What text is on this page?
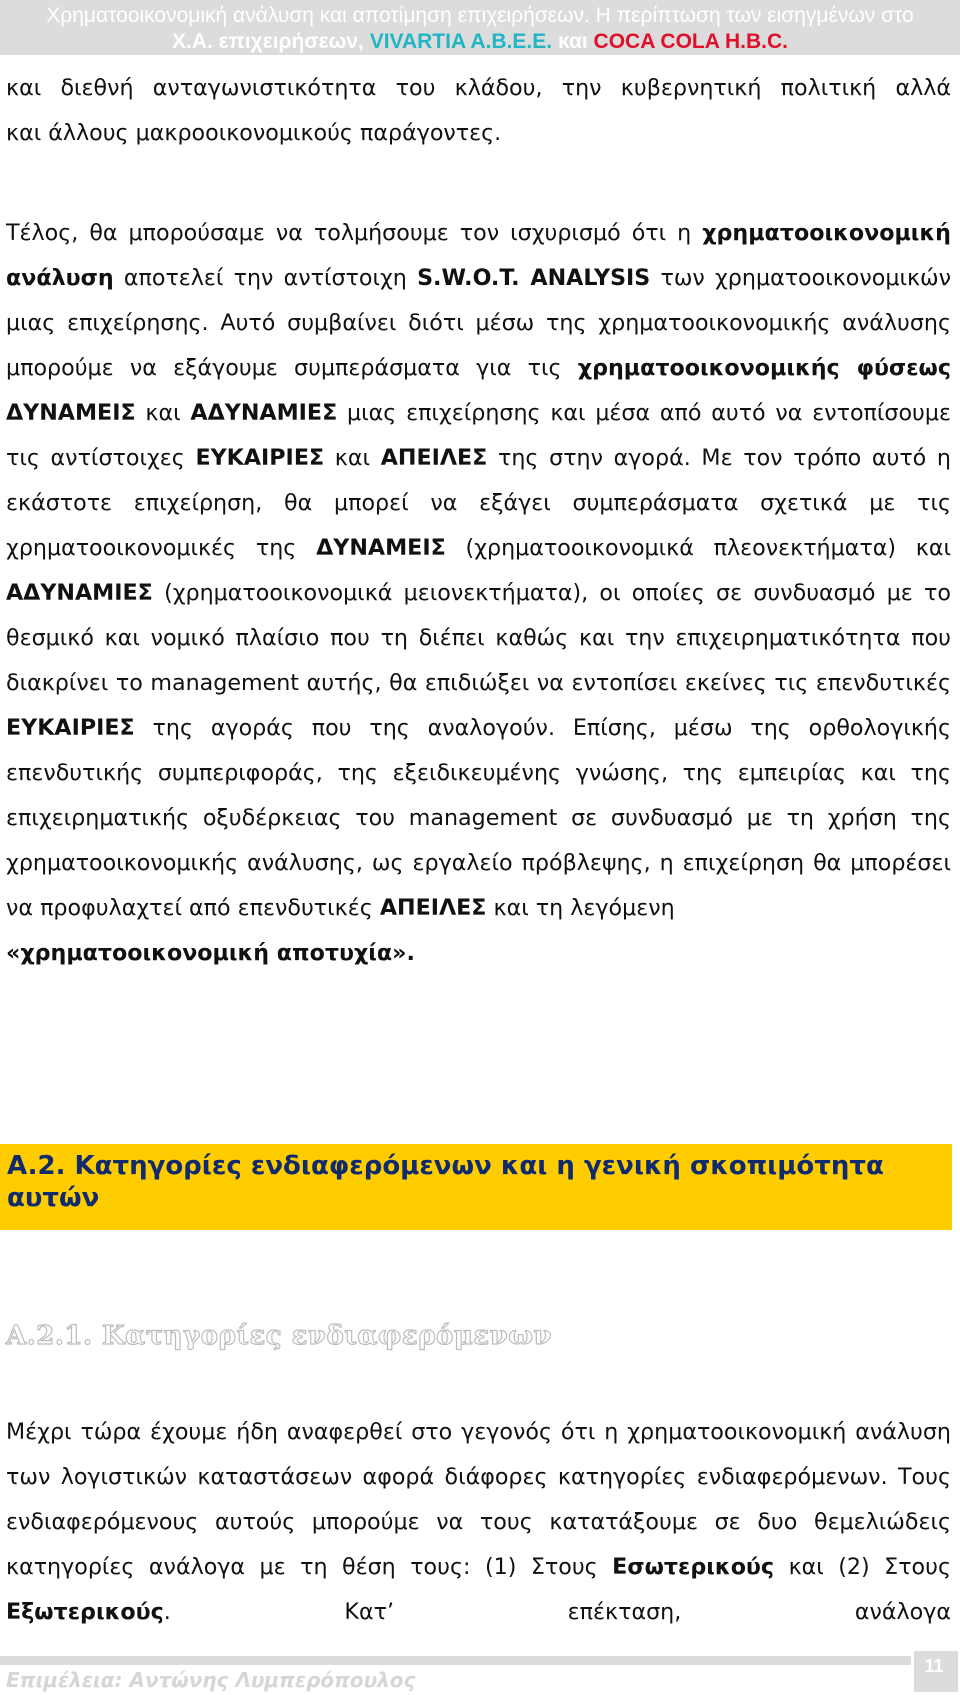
Χρηματοοικονομική ανάλυση και αποτίμηση επιχειρήσεων. Η περίπτωση των εισηγμένων στο
Χ.Α. επιχειρήσεων, VIVARTIA A.B.E.E. και COCA COLA H.B.C.
και διεθνή ανταγωνιστικότητα του κλάδου, την κυβερνητική πολιτική αλλά
και άλλους μακροοικονομικούς παράγοντες.

Τέλος, θα μπορούσαμε να τολμήσουμε τον ισχυρισμό ότι η χρηματοοικονομική ανάλυση αποτελεί την αντίστοιχη S.W.O.T. ANALYSIS των χρηματοοικονομικών μιας επιχείρησης. Αυτό συμβαίνει διότι μέσω της χρηματοοικονομικής ανάλυσης μπορούμε να εξάγουμε συμπεράσματα για τις χρηματοοικονομικής φύσεως ΔΥΝΑΜΕΙΣ και ΑΔΥΝΑΜΙΕΣ μιας επιχείρησης και μέσα από αυτό να εντοπίσουμε τις αντίστοιχες ΕΥΚΑΙΡΙΕΣ και ΑΠΕΙΛΕΣ της στην αγορά. Με τον τρόπο αυτό η εκάστοτε επιχείρηση, θα μπορεί να εξάγει συμπεράσματα σχετικά με τις χρηματοοικονομικές της ΔΥΝΑΜΕΙΣ (χρηματοοικονομικά πλεονεκτήματα) και ΑΔΥΝΑΜΙΕΣ (χρηματοοικονομικά μειονεκτήματα), οι οποίες σε συνδυασμό με το θεσμικό και νομικό πλαίσιο που τη διέπει καθώς και την επιχειρηματικότητα που διακρίνει το management αυτής, θα επιδιώξει να εντοπίσει εκείνες τις επενδυτικές ΕΥΚΑΙΡΙΕΣ της αγοράς που της αναλογούν. Επίσης, μέσω της ορθολογικής επενδυτικής συμπεριφοράς, της εξειδικευμένης γνώσης, της εμπειρίας και της επιχειρηματικής οξυδέρκειας του management σε συνδυασμό με τη χρήση της χρηματοοικονομικής ανάλυσης, ως εργαλείο πρόβλεψης, η επιχείρηση θα μπορέσει να προφυλαχτεί από επενδυτικές ΑΠΕΙΛΕΣ και τη λεγόμενη

«χρηματοοικονομική αποτυχία».
A.2. Κατηγορίες ενδιαφερόμενων και η γενική σκοπιμότητα
αυτών
A.2.1. Κατηγορίες ενδιαφερόμενων

Μέχρι τώρα έχουμε ήδη αναφερθεί στο γεγονός ότι η χρηματοοικονομική ανάλυση των λογιστικών καταστάσεων αφορά διάφορες κατηγορίες ενδιαφερόμενων. Τους ενδιαφερόμενους αυτούς μπορούμε να τους κατατάξουμε σε δυο θεμελιώδεις κατηγορίες ανάλογα με τη θέση τους: (1) Στους Εσωτερικούς και (2) Στους Εξωτερικούς. Κατ’ επέκταση, ανάλογα

Επιμέλεια: Αντώνης Λυμπερόπουλος
11
